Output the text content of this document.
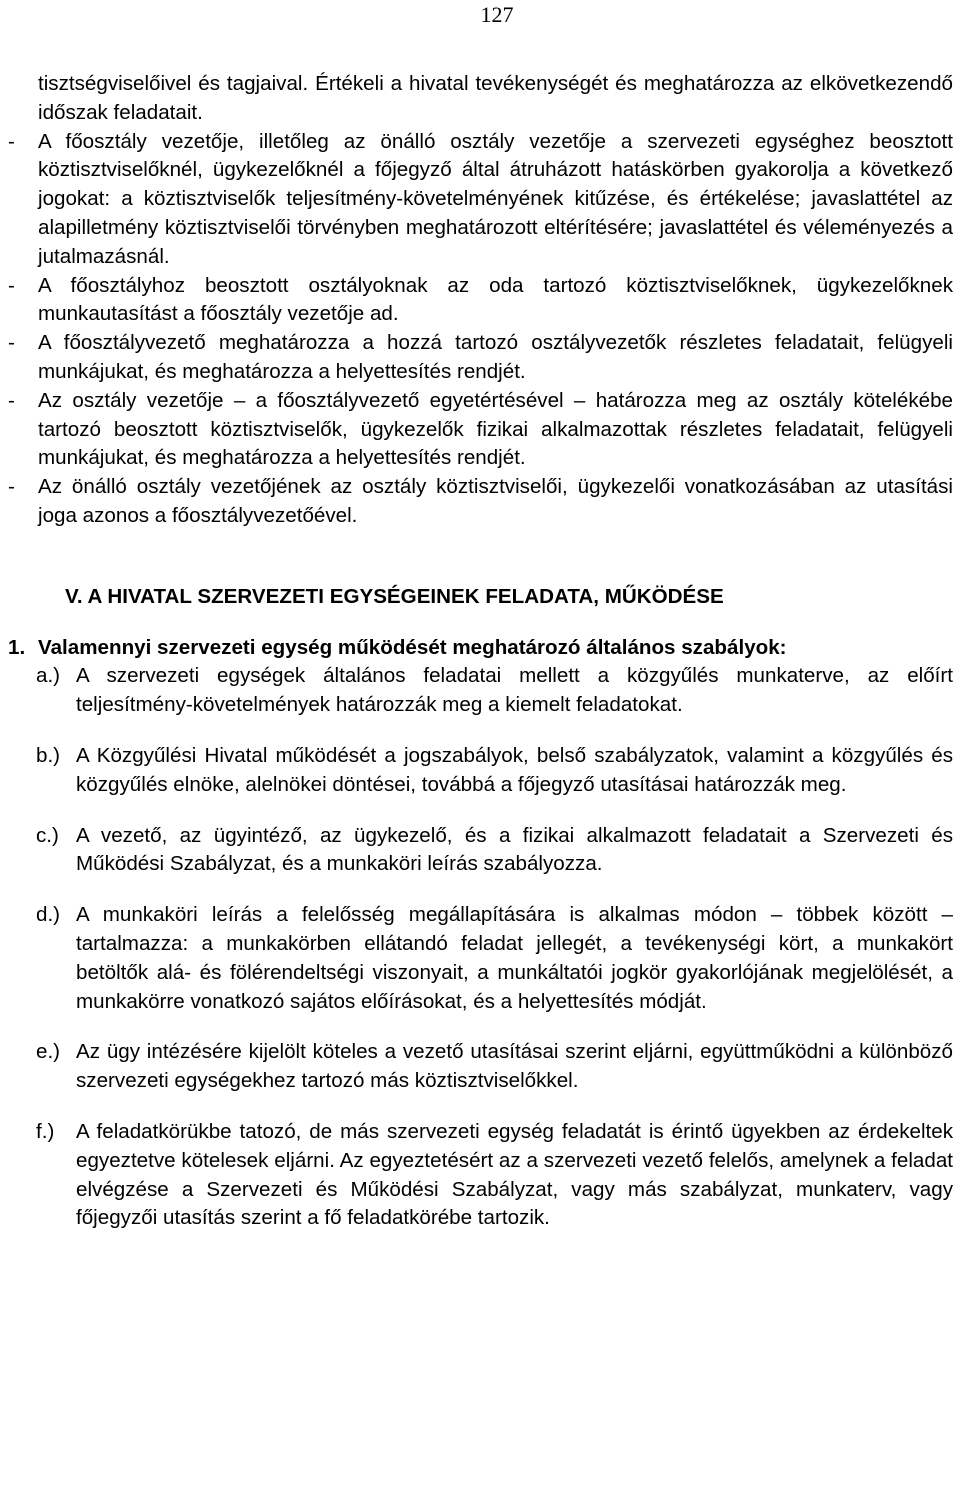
127

tisztségviselőivel és tagjaival. Értékeli a hivatal tevékenységét és meghatározza az elkövetkezendő időszak feladatait.

-	A főosztály vezetője, illetőleg az önálló osztály vezetője a szervezeti egységhez beosztott köztisztviselőknél, ügykezelőknél a főjegyző által átruházott hatáskörben gyakorolja a következő jogokat: a köztisztviselők teljesítmény-követelményének kitűzése, és értékelése; javaslattétel az alapilletmény köztisztviselői törvényben meghatározott eltérítésére; javaslattétel és véleményezés a jutalmazásnál.
-	A főosztályhoz beosztott osztályoknak az oda tartozó köztisztviselőknek, ügykezelőknek munkautasítást a főosztály vezetője ad.
-	A főosztályvezető meghatározza a hozzá tartozó osztályvezetők részletes feladatait, felügyeli munkájukat, és meghatározza a helyettesítés rendjét.
-	Az osztály vezetője – a főosztályvezető egyetértésével – határozza meg az osztály kötelékébe tartozó beosztott köztisztviselők, ügykezelők fizikai alkalmazottak részletes feladatait, felügyeli munkájukat, és meghatározza a helyettesítés rendjét.
-	Az önálló osztály vezetőjének az osztály köztisztviselői, ügykezelői vonatkozásában az utasítási joga azonos a főosztályvezetőével.
V. A HIVATAL SZERVEZETI EGYSÉGEINEK FELADATA, MŰKÖDÉSE
1. Valamennyi szervezeti egység működését meghatározó általános szabályok:
a.) A szervezeti egységek általános feladatai mellett a közgyűlés munkaterve, az előírt teljesítmény-követelmények határozzák meg a kiemelt feladatokat.
b.) A Közgyűlési Hivatal működését a jogszabályok, belső szabályzatok, valamint a közgyűlés és közgyűlés elnöke, alelnökei döntései, továbbá a főjegyző utasításai határozzák meg.
c.) A vezető, az ügyintéző, az ügykezelő, és a fizikai alkalmazott feladatait a Szervezeti és Működési Szabályzat, és a munkaköri leírás szabályozza.
d.) A munkaköri leírás a felelősség megállapítására is alkalmas módon – többek között – tartalmazza: a munkakörben ellátandó feladat jellegét, a tevékenységi kört, a munkakört betöltők alá- és fölérendeltségi viszonyait, a munkáltatói jogkör gyakorlójának megjelölését, a munkakörre vonatkozó sajátos előírásokat, és a helyettesítés módját.
e.) Az ügy intézésére kijelölt köteles a vezető utasításai szerint eljárni, együttműködni a különböző szervezeti egységekhez tartozó más köztisztviselőkkel.
f.)	A feladatkörükbe tatozó, de más szervezeti egység feladatát is érintő ügyekben az érdekeltek egyeztetve kötelesek eljárni. Az egyeztetésért az a szervezeti vezető felelős, amelynek a feladat elvégzése a Szervezeti és Működési Szabályzat, vagy más szabályzat, munkaterv, vagy főjegyzői utasítás szerint a fő feladatkörébe tartozik.
